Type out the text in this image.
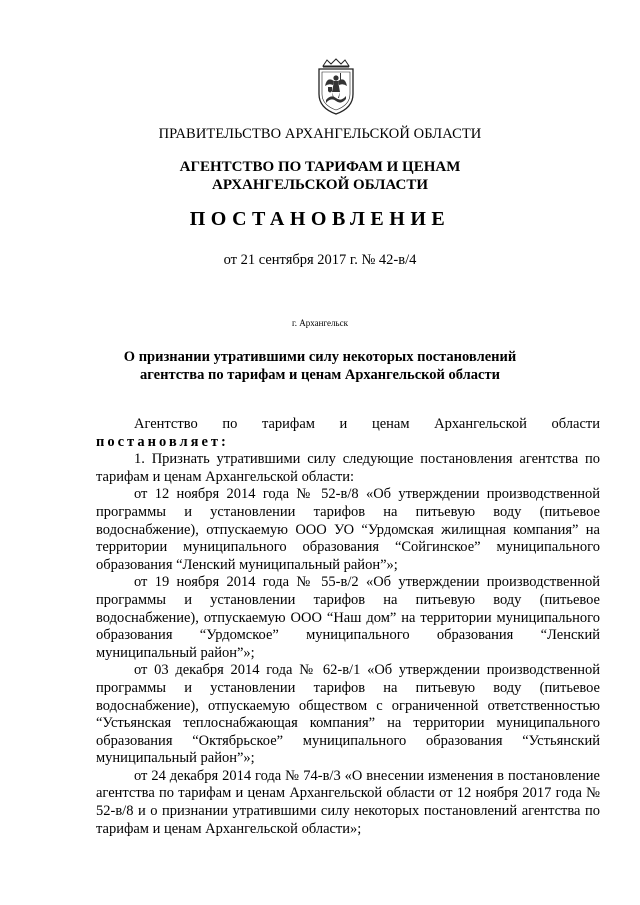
ПРАВИТЕЛЬСТВО АРХАНГЕЛЬСКОЙ ОБЛАСТИ
АГЕНТСТВО ПО ТАРИФАМ И ЦЕНАМ
АРХАНГЕЛЬСКОЙ ОБЛАСТИ
ПОСТАНОВЛЕНИЕ
от 21 сентября 2017 г. № 42-в/4
г. Архангельск
О признании утратившими силу некоторых постановлений
агентства по тарифам и ценам Архангельской области

Агентство по тарифам и ценам Архангельской области

постановляет:

1. Признать утратившими силу следующие постановления агентства по тарифам и ценам Архангельской области:

от 12 ноября 2014 года № 52-в/8 «Об утверждении производственной программы и установлении тарифов на питьевую воду (питьевое водоснабжение), отпускаемую ООО УО “Урдомская жилищная компания” на территории муниципального образования “Сойгинское” муниципального образования “Ленский муниципальный район”»;

от 19 ноября 2014 года № 55-в/2 «Об утверждении производственной программы и установлении тарифов на питьевую воду (питьевое водоснабжение), отпускаемую ООО “Наш дом” на территории муниципального образования “Урдомское” муниципального образования “Ленский муниципальный район”»;

от 03 декабря 2014 года № 62-в/1 «Об утверждении производственной программы и установлении тарифов на питьевую воду (питьевое водоснабжение), отпускаемую обществом с ограниченной ответственностью “Устьянская теплоснабжающая компания” на территории муниципального образования “Октябрьское” муниципального образования “Устьянский муниципальный район”»;

от 24 декабря 2014 года № 74-в/3 «О внесении изменения в постановление агентства по тарифам и ценам Архангельской области от 12 ноября 2017 года № 52-в/8 и о признании утратившими силу некоторых постановлений агентства по тарифам и ценам Архангельской области»;
